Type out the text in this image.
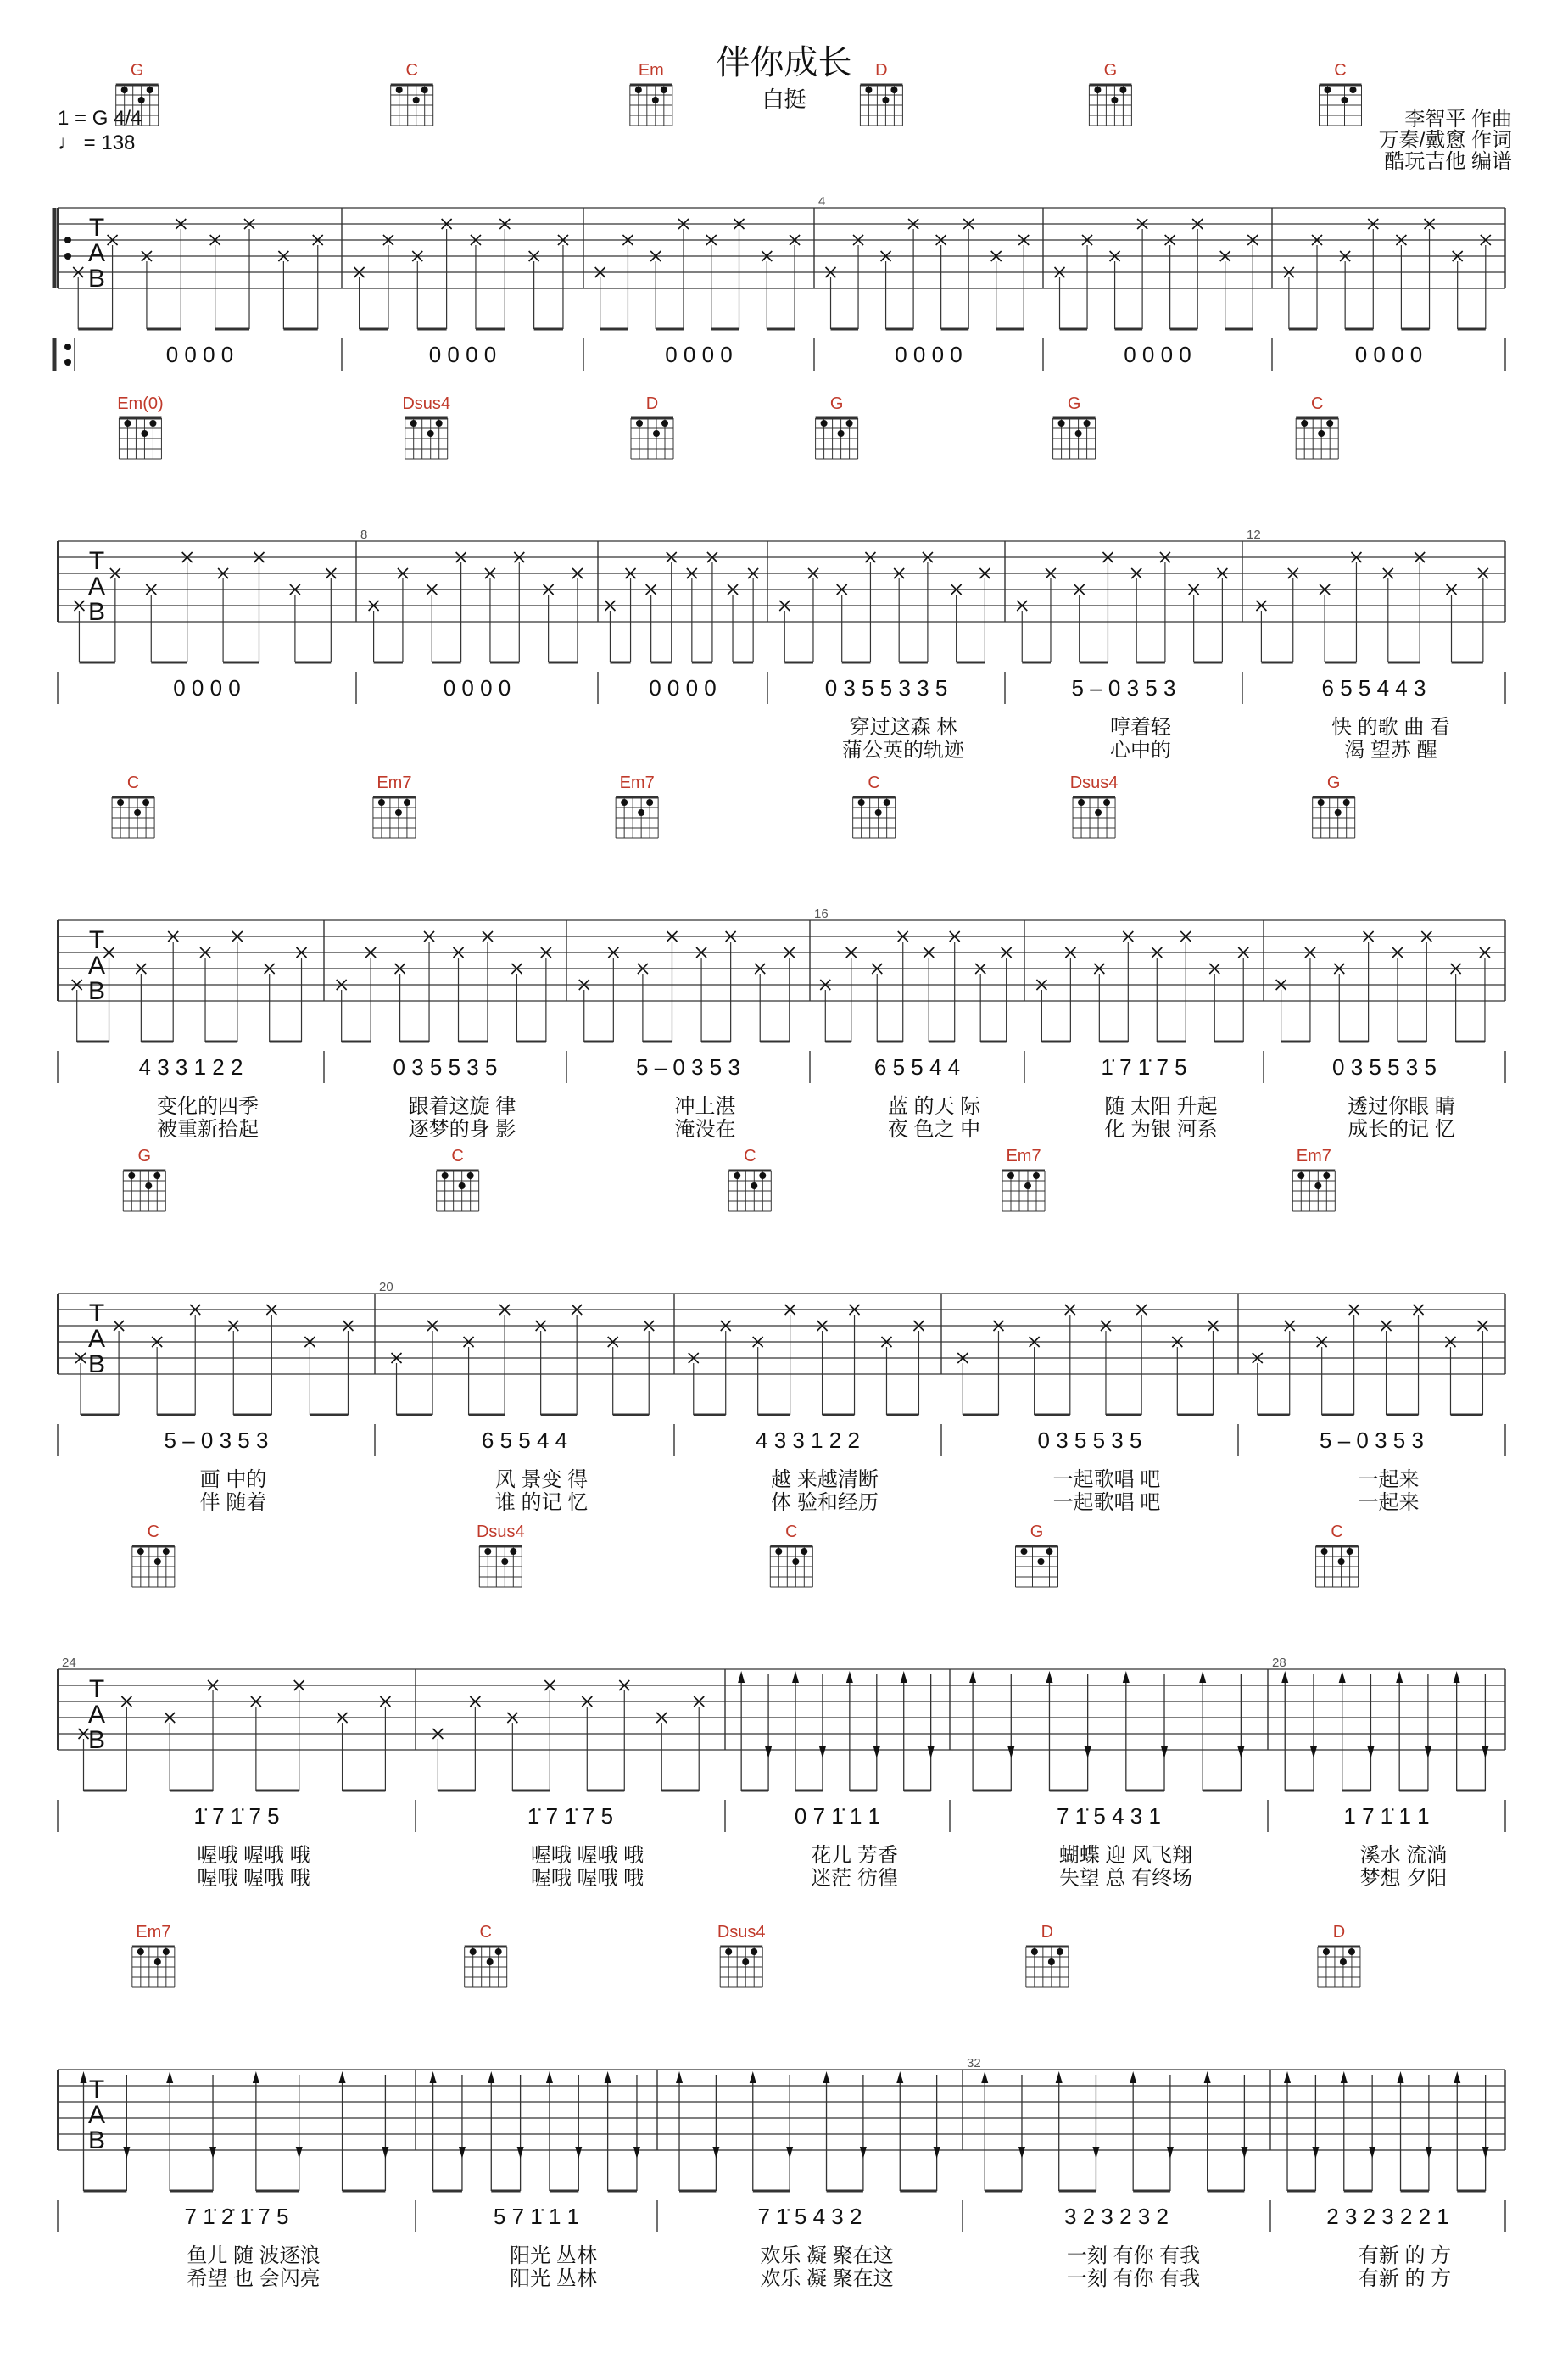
伴你成长
白挺
1 = G 4/4
♩ = 138
李智平 作曲
万秦/戴窻 作词
酷玩吉他 编谱
T
A
B
G
0 0 0 0
C
0 0 0 0
Em
0 0 0 0
D
4
0 0 0 0
G
0 0 0 0
C
0 0 0 0
T
A
B
Em(0)
0 0 0 0
Dsus4
8
0 0 0 0
D
0 0 0 0
G
0 3 5 5 3 3 5
穿过这森 林
蒲公英的轨迹
G
5 – 0 3 5 3
哼着轻
心中的
C
12
6 5 5 4 4 3
快 的歌 曲 看
渴 望苏 醒
T
A
B
C
4 3 3 1 2 2
变化的四季
被重新拾起
Em7
0 3 5 5 3 5
跟着这旋 律
逐梦的身 影
Em7
5 – 0 3 5 3
冲上湛
淹没在
C
16
6 5 5 4 4
蓝 的天 际
夜 色之 中
Dsus4
1̇ 7 1̇ 7 5
随 太阳 升起
化 为银 河系
G
0 3 5 5 3 5
透过你眼 睛
成长的记 忆
T
A
B
G
5 – 0 3 5 3
画 中的
伴 随着
C
20
6 5 5 4 4
风 景变 得
谁 的记 忆
C
4 3 3 1 2 2
越 来越清断
体 验和经历
Em7
0 3 5 5 3 5
一起歌唱 吧
一起歌唱 吧
Em7
5 – 0 3 5 3
一起来
一起来
T
A
B
C
24
1̇ 7 1̇ 7 5
喔哦 喔哦 哦
喔哦 喔哦 哦
Dsus4
1̇ 7 1̇ 7 5
喔哦 喔哦 哦
喔哦 喔哦 哦
C
0 7 1̇ 1 1
花儿 芳香
迷茫 彷徨
G
7 1̇ 5 4 3 1
蝴蝶 迎 风飞翔
失望 总 有终场
C
28
1 7 1̇ 1 1
溪水 流淌
梦想 夕阳
T
A
B
Em7
7 1̇ 2̇ 1̇ 7 5
鱼儿 随 波逐浪
希望 也 会闪亮
C
5 7 1̇ 1 1
阳光 丛林
阳光 丛林
Dsus4
7 1̇ 5 4 3 2
欢乐 凝 聚在这
欢乐 凝 聚在这
D
32
3 2 3 2 3 2
一刻 有你 有我
一刻 有你 有我
D
2 3 2 3 2 2 1
有新 的 方
有新 的 方
